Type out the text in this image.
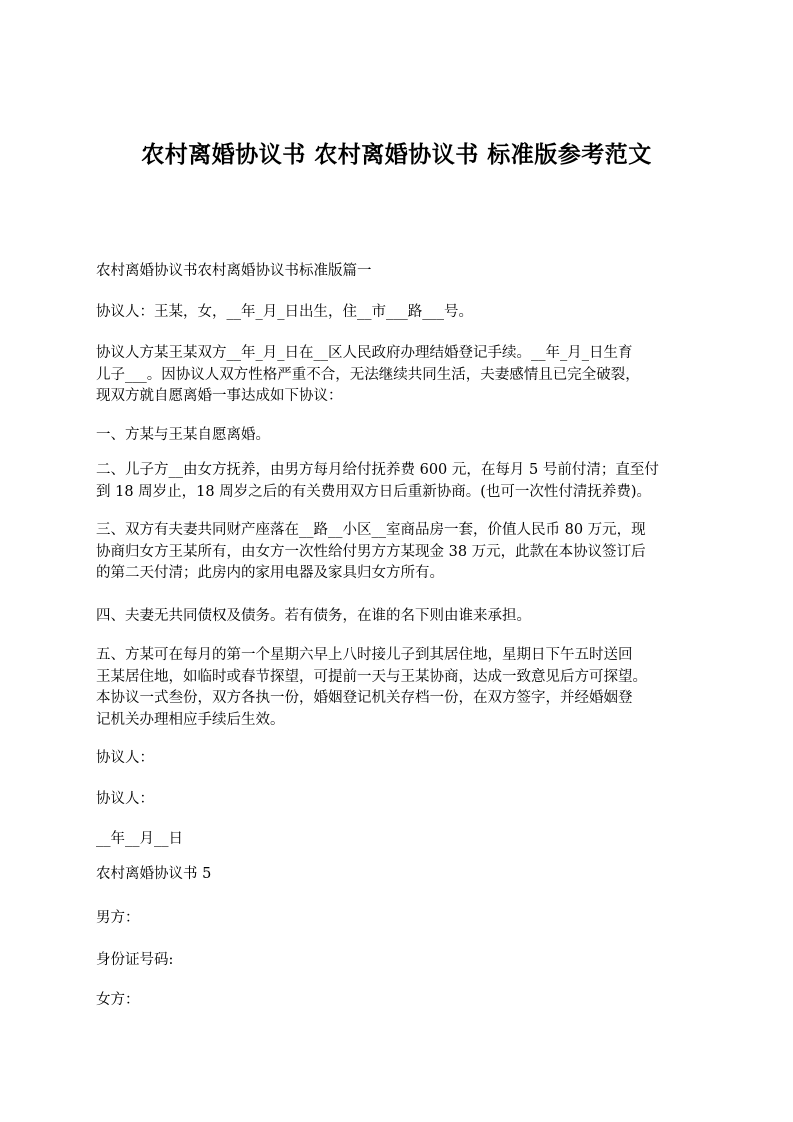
农村离婚协议书 农村离婚协议书 标准版参考范文
农村离婚协议书农村离婚协议书标准版篇一
协议人：王某，女，__年_月_日出生，住__市___路___号。
协议人方某王某双方__年_月_日在__区人民政府办理结婚登记手续。__年_月_日生育
儿子___。因协议人双方性格严重不合，无法继续共同生活，夫妻感情且已完全破裂，
现双方就自愿离婚一事达成如下协议：
一、方某与王某自愿离婚。
二、儿子方__由女方抚养，由男方每月给付抚养费 600 元，在每月 5 号前付清；直至付
到 18 周岁止，18 周岁之后的有关费用双方日后重新协商。(也可一次性付清抚养费)。
三、双方有夫妻共同财产座落在__路__小区__室商品房一套，价值人民币 80 万元，现
协商归女方王某所有，由女方一次性给付男方方某现金 38 万元，此款在本协议签订后
的第二天付清；此房内的家用电器及家具归女方所有。
四、夫妻无共同债权及债务。若有债务，在谁的名下则由谁来承担。
五、方某可在每月的第一个星期六早上八时接儿子到其居住地，星期日下午五时送回
王某居住地，如临时或春节探望，可提前一天与王某协商，达成一致意见后方可探望。
本协议一式叁份，双方各执一份，婚姻登记机关存档一份，在双方签字，并经婚姻登
记机关办理相应手续后生效。
协议人：
协议人：
__年__月__日
农村离婚协议书 5
男方：
身份证号码:
女方：
